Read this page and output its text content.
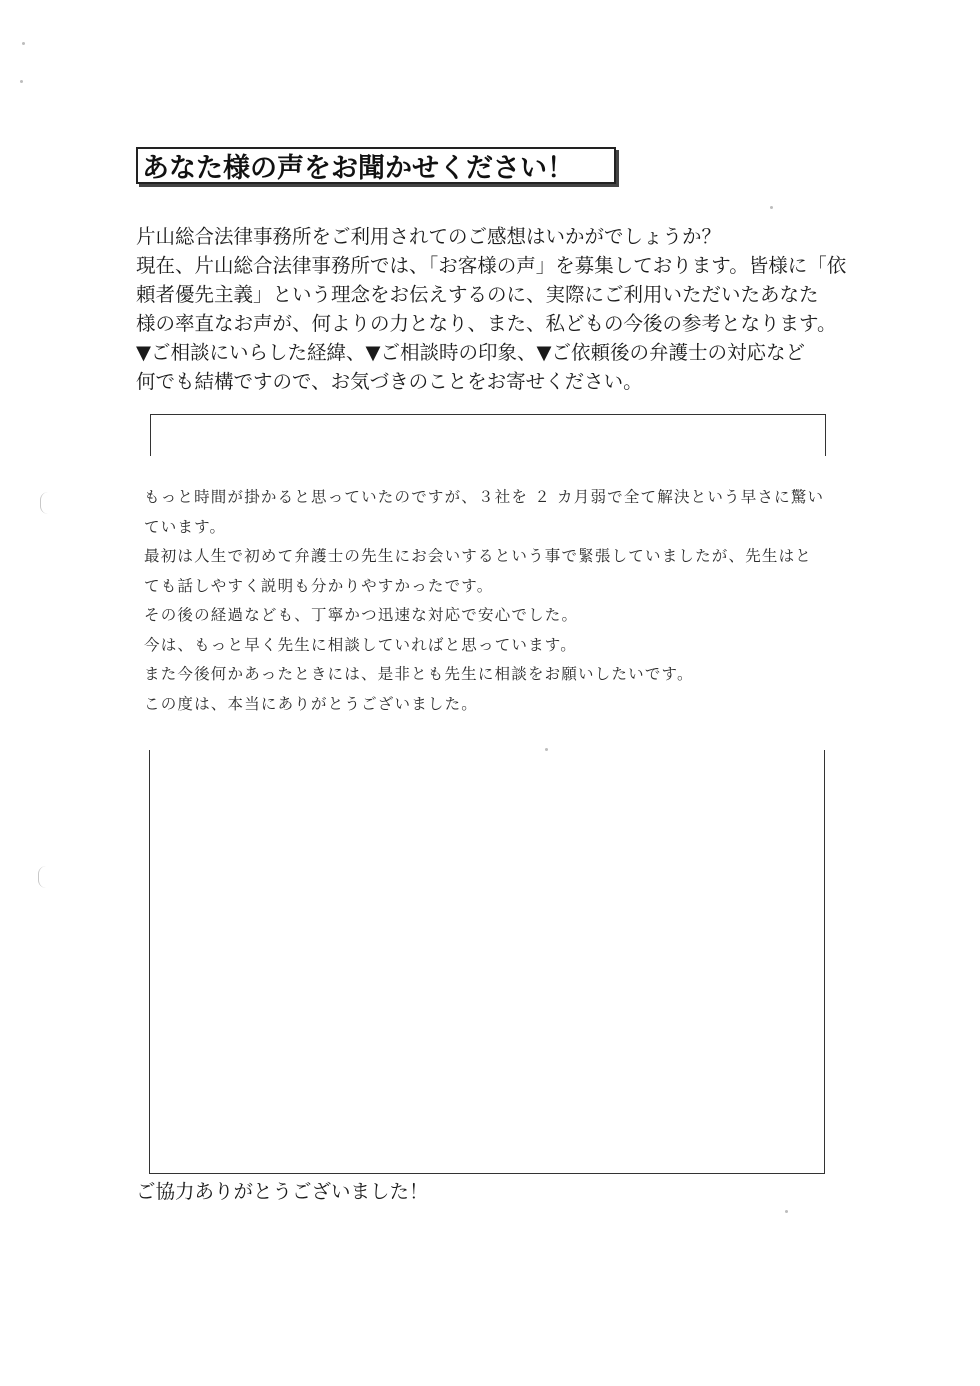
あなた様の声をお聞かせください！

片山総合法律事務所をご利用されてのご感想はいかがでしょうか？

現在、片山総合法律事務所では、「お客様の声」を募集しております。皆様に「依

頼者優先主義」という理念をお伝えするのに、実際にご利用いただいたあなた

様の率直なお声が、何よりの力となり、また、私どもの今後の参考となります。

▼ご相談にいらした経緯、▼ご相談時の印象、▼ご依頼後の弁護士の対応など

何でも結構ですので、お気づきのことをお寄せください。

もっと時間が掛かると思っていたのですが、３社を ２ カ月弱で全て解決という早さに驚い

ています。

最初は人生で初めて弁護士の先生にお会いするという事で緊張していましたが、先生はと

ても話しやすく説明も分かりやすかったです。

その後の経過なども、丁寧かつ迅速な対応で安心でした。

今は、もっと早く先生に相談していればと思っています。

また今後何かあったときには、是非とも先生に相談をお願いしたいです。

この度は、本当にありがとうございました。

ご協力ありがとうございました！
